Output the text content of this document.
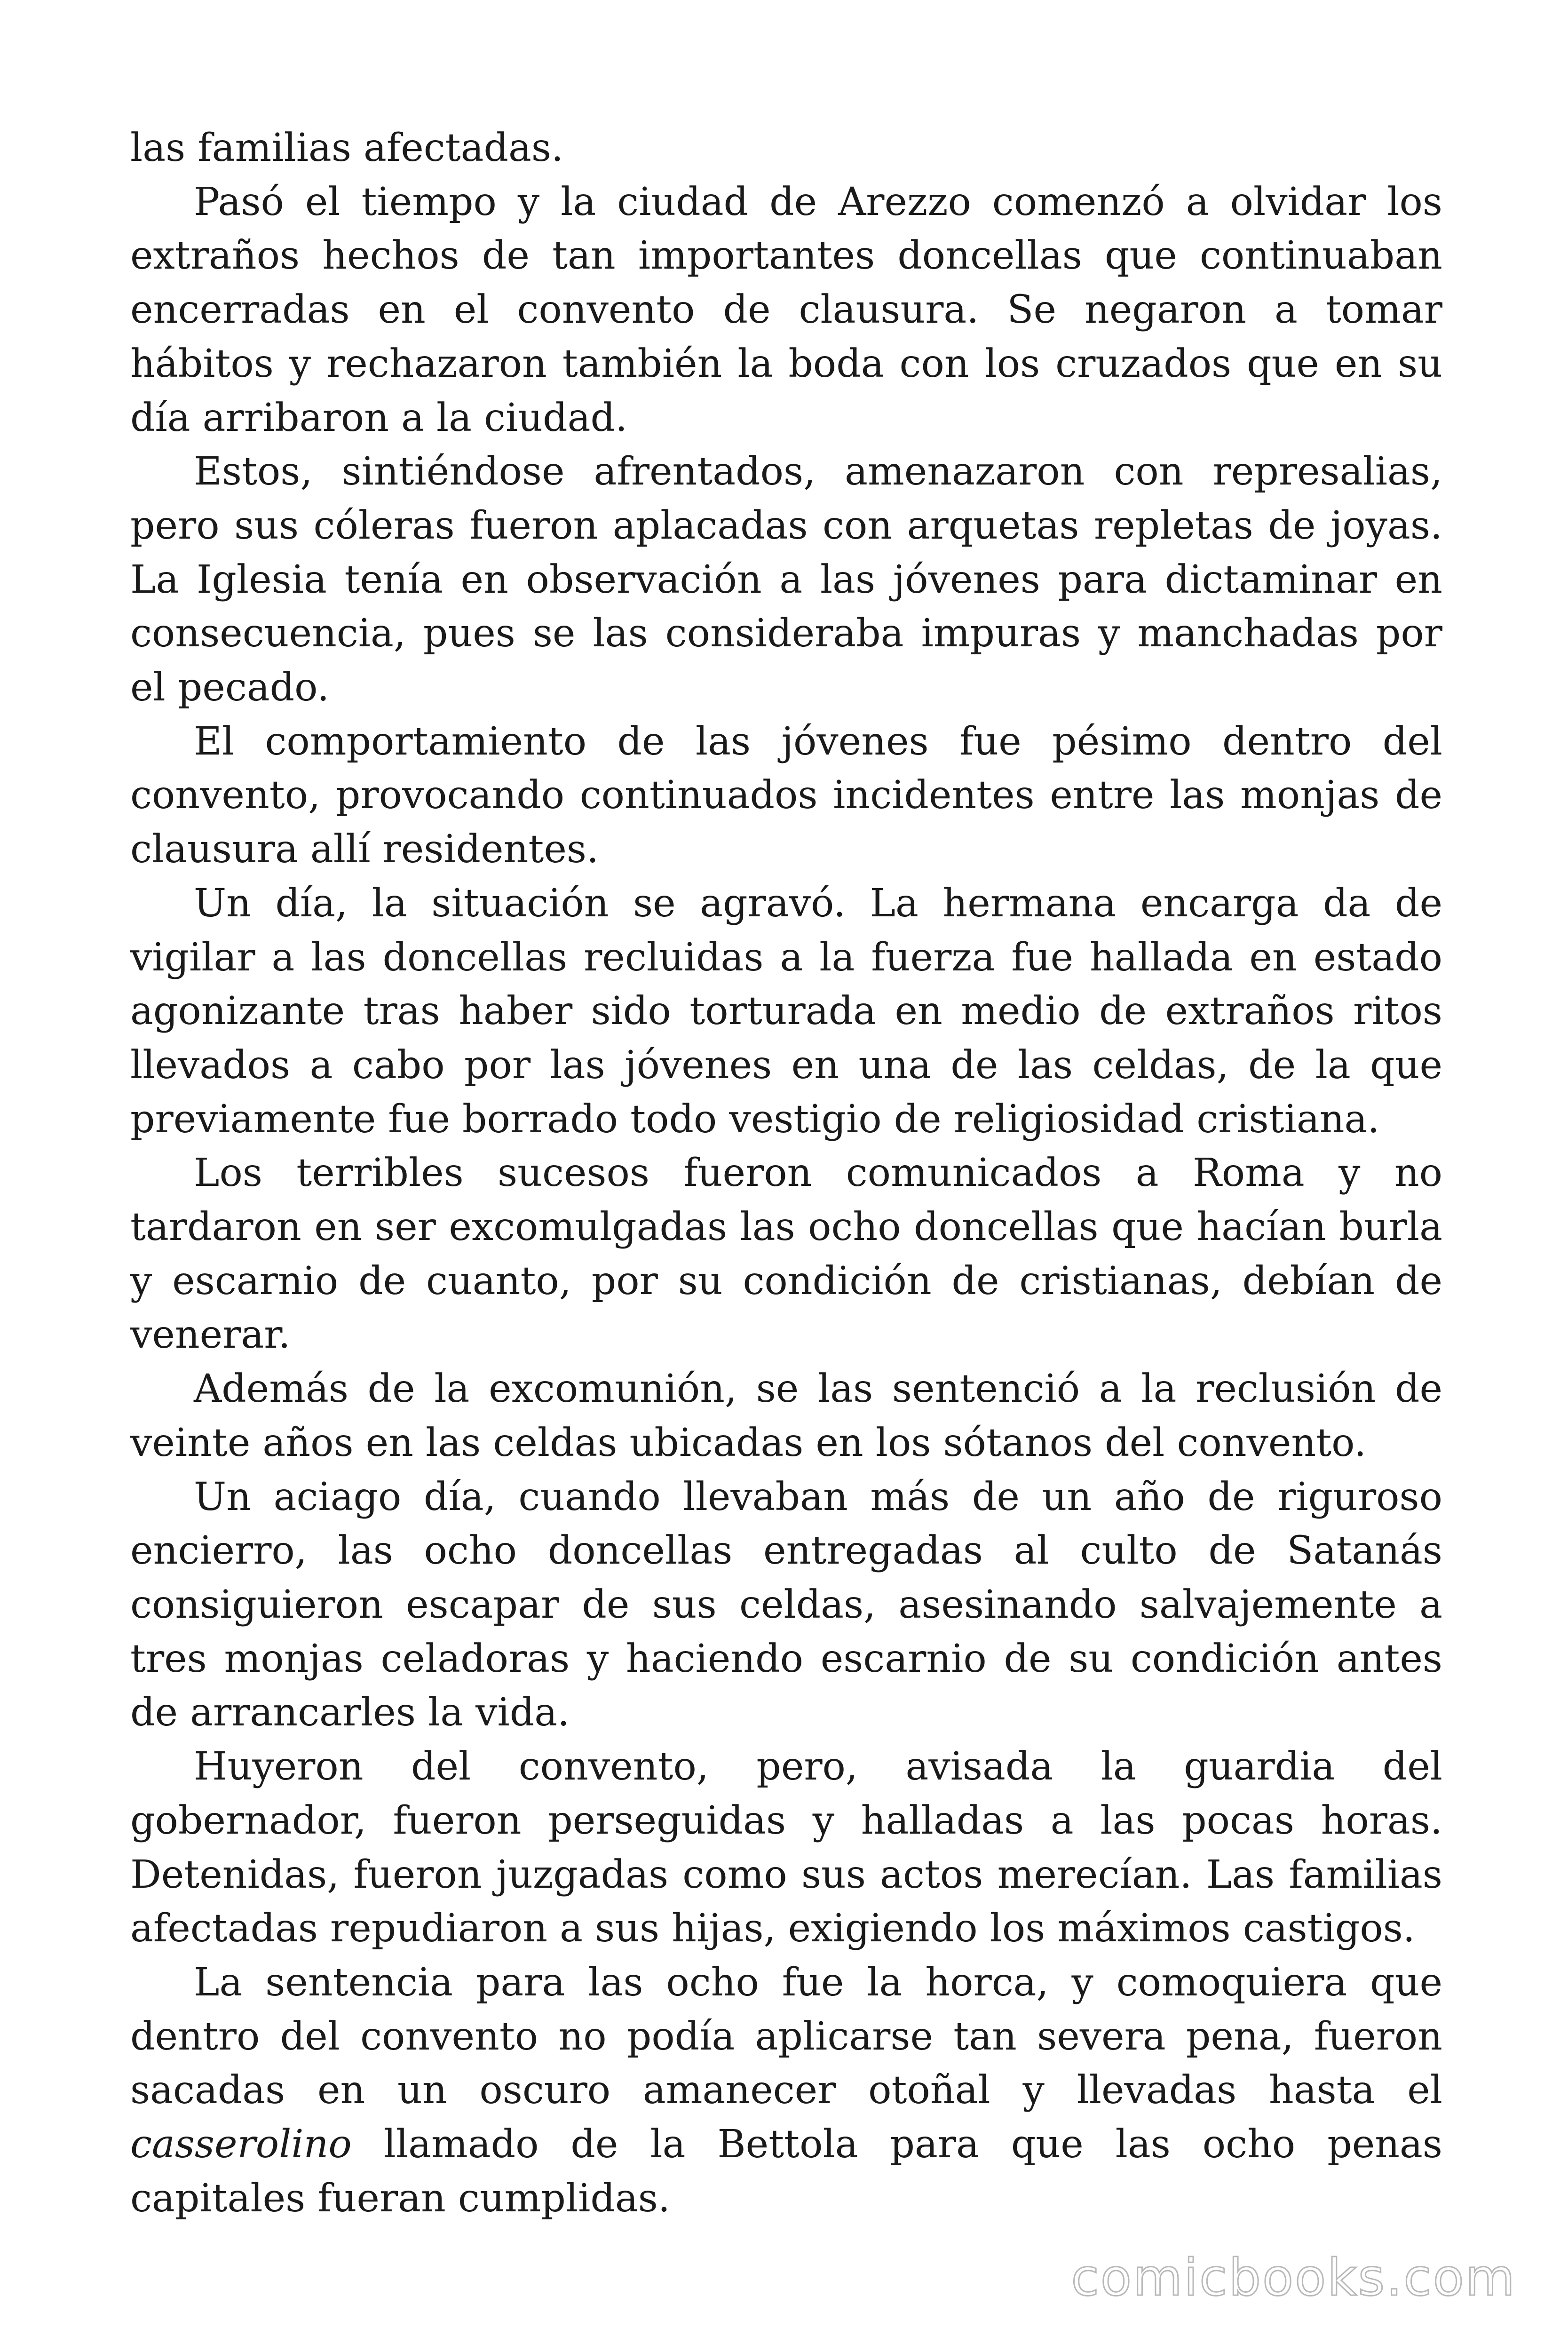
las familias afectadas.

Pasó el tiempo y la ciudad de Arezzo comenzó a olvidar los extraños hechos de tan importantes doncellas que continuaban encerradas en el convento de clausura. Se negaron a tomar hábitos y rechazaron también la boda con los cruzados que en su día arribaron a la ciudad.

Estos, sintiéndose afrentados, amenazaron con represalias, pero sus cóleras fueron aplacadas con arquetas repletas de joyas. La Iglesia tenía en observación a las jóvenes para dictaminar en consecuencia, pues se las consideraba impuras y manchadas por el pecado.

El comportamiento de las jóvenes fue pésimo dentro del convento, provocando continuados incidentes entre las monjas de clausura allí residentes.

Un día, la situación se agravó. La hermana encarga da de vigilar a las doncellas recluidas a la fuerza fue hallada en estado agonizante tras haber sido torturada en medio de extraños ritos llevados a cabo por las jóvenes en una de las celdas, de la que previamente fue borrado todo vestigio de religiosidad cristiana.

Los terribles sucesos fueron comunicados a Roma y no tardaron en ser excomulgadas las ocho doncellas que hacían burla y escarnio de cuanto, por su condición de cristianas, debían de venerar.

Además de la excomunión, se las sentenció a la reclusión de veinte años en las celdas ubicadas en los sótanos del convento.

Un aciago día, cuando llevaban más de un año de riguroso encierro, las ocho doncellas entregadas al culto de Satanás consiguieron escapar de sus celdas, asesinando salvajemente a tres monjas celadoras y haciendo escarnio de su condición antes de arrancarles la vida.

Huyeron del convento, pero, avisada la guardia del gobernador, fueron perseguidas y halladas a las pocas horas. Detenidas, fueron juzgadas como sus actos merecían. Las familias afectadas repudiaron a sus hijas, exigiendo los máximos castigos.

La sentencia para las ocho fue la horca, y comoquiera que dentro del convento no podía aplicarse tan severa pena, fueron sacadas en un oscuro amanecer otoñal y llevadas hasta el casserolino llamado de la Bettola para que las ocho penas capitales fueran cumplidas.

comicbooks.com
